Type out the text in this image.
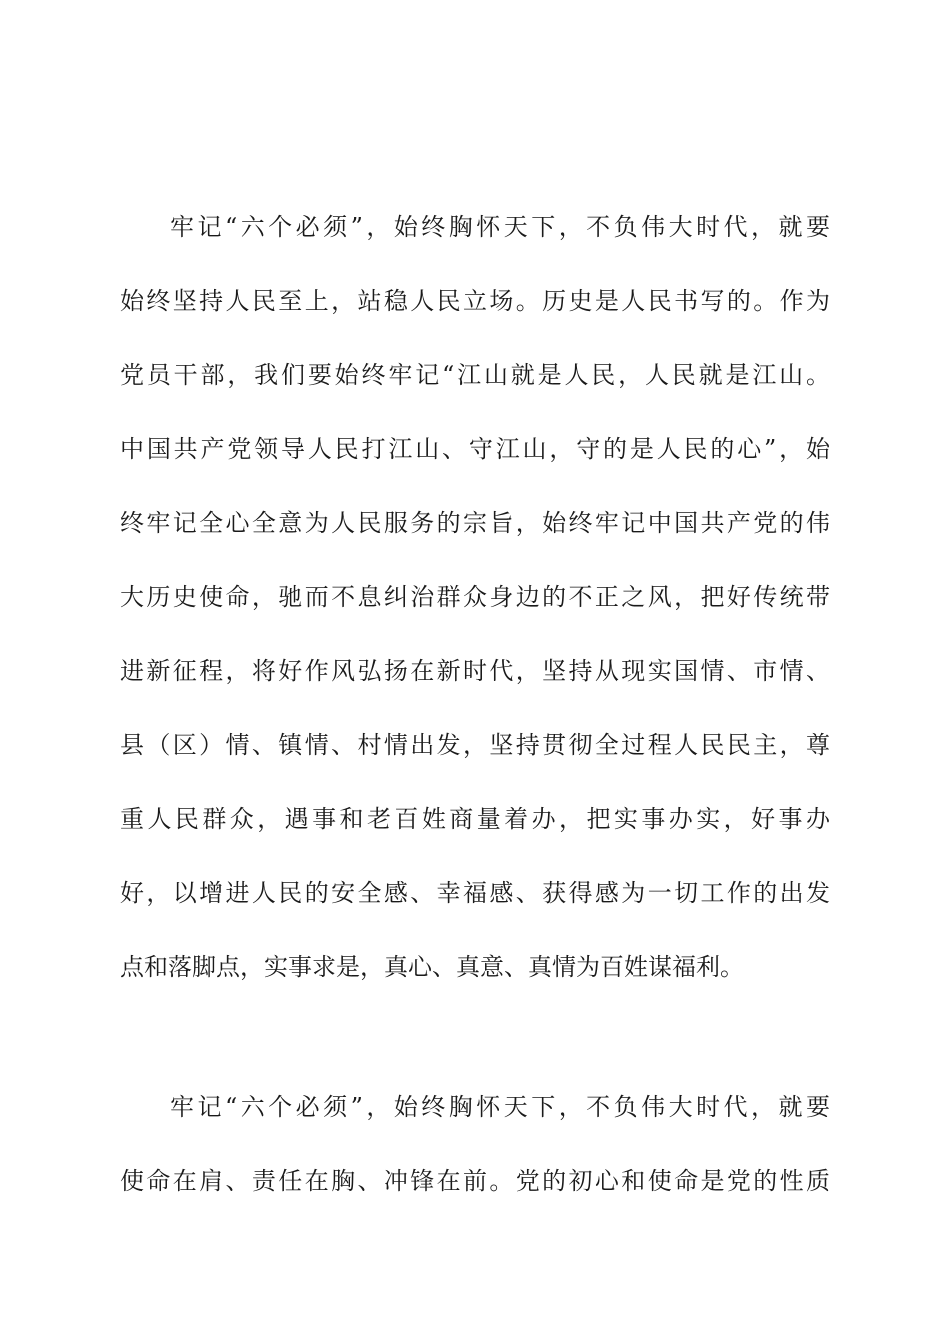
牢记“六个必须”，始终胸怀天下，不负伟大时代，就要
始终坚持人民至上，站稳人民立场。历史是人民书写的。作为
党员干部，我们要始终牢记“江山就是人民，人民就是江山。
中国共产党领导人民打江山、守江山，守的是人民的心”，始
终牢记全心全意为人民服务的宗旨，始终牢记中国共产党的伟
大历史使命，驰而不息纠治群众身边的不正之风，把好传统带
进新征程，将好作风弘扬在新时代，坚持从现实国情、市情、
县（区）情、镇情、村情出发，坚持贯彻全过程人民民主，尊
重人民群众，遇事和老百姓商量着办，把实事办实，好事办
好，以增进人民的安全感、幸福感、获得感为一切工作的出发
点和落脚点，实事求是，真心、真意、真情为百姓谋福利。
牢记“六个必须”，始终胸怀天下，不负伟大时代，就要
使命在肩、责任在胸、冲锋在前。党的初心和使命是党的性质
